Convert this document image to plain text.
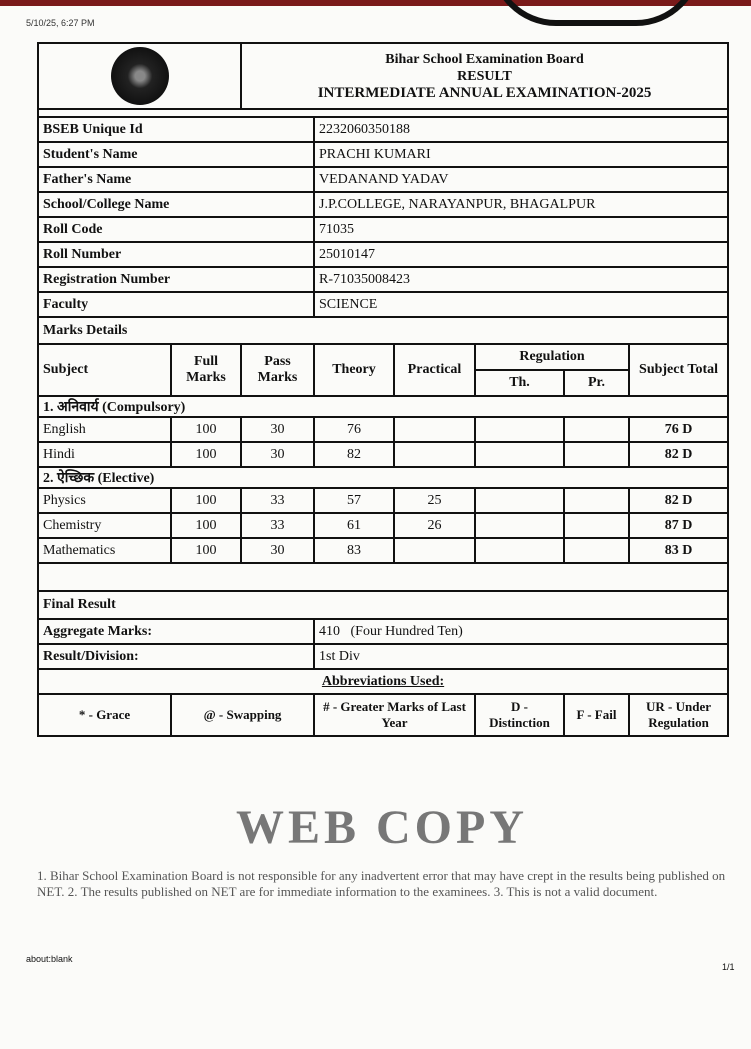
5/10/25, 6:27 PM

		Bihar School Examination Board
RESULT
INTERMEDIATE ANNUAL EXAMINATION-2025					

BSEB Unique Id			2232060350188				
Student's Name			PRACHI KUMARI				
Father's Name			VEDANAND YADAV				
School/College Name			J.P.COLLEGE, NARAYANPUR, BHAGALPUR				
Roll Code			71035				
Roll Number			25010147				
Registration Number			R-71035008423				
Faculty			SCIENCE				
Marks Details							
Subject	Full Marks	Pass Marks	Theory	Practical	Regulation		Subject Total
					Th.	Pr.	
1. अनिवार्य (Compulsory)							
English	100	30	76				76 D
Hindi	100	30	82				82 D
2. ऐच्छिक (Elective)							
Physics	100	33	57	25			82 D
Chemistry	100	33	61	26			87 D
Mathematics	100	30	83				83 D

Final Result							
Aggregate Marks:			410 (Four Hundred Ten)				
Result/Division:			1st Div				
Abbreviations Used:							
* - Grace	@ - Swapping		# - Greater Marks of Last Year		D - Distinction	F - Fail	UR - Under Regulation
WEB COPY
1. Bihar School Examination Board is not responsible for any inadvertent error that may have crept in the results being published on NET. 2. The results published on NET are for immediate information to the examinees. 3. This is not a valid document.
about:blank
1/1
